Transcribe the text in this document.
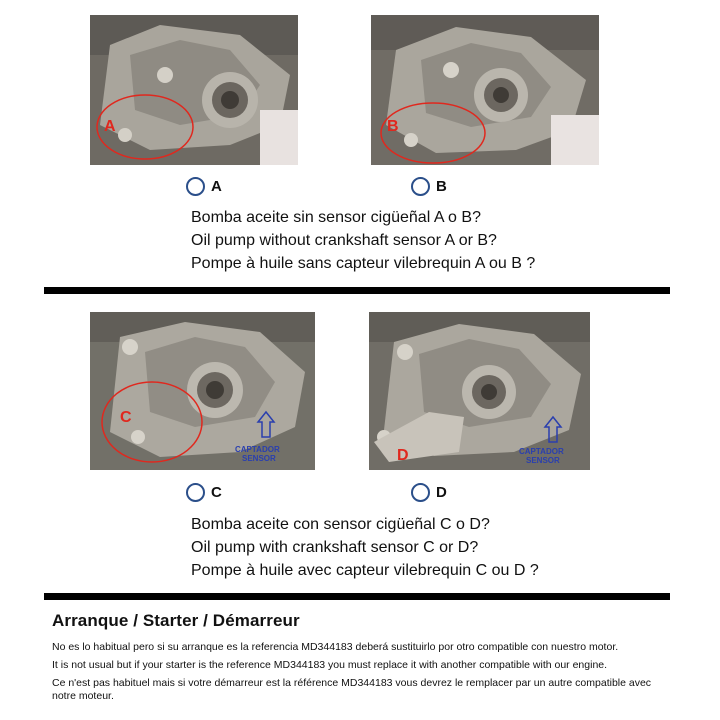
A	B
A	B
Bomba aceite sin sensor cigüeñal A o B?
Oil pump without crankshaft sensor A or B?
Pompe à huile sans capteur vilebrequin A ou B ?
C
CAPTADOR SENSOR	D	CAPTADOR SENSOR
C	D
Bomba aceite con sensor cigüeñal C o D?
Oil pump with crankshaft sensor C or D?
Pompe à huile avec capteur vilebrequin C ou D ?
Arranque / Starter / Démarreur
No es lo habitual pero si su arranque es la referencia MD344183 deberá sustituirlo por otro compatible con nuestro motor.
It is not usual but if your starter is the reference MD344183 you must replace it with another compatible with our engine.
Ce n'est pas habituel mais si votre démarreur est la référence MD344183 vous devrez le remplacer par un autre compatible avec notre moteur.
